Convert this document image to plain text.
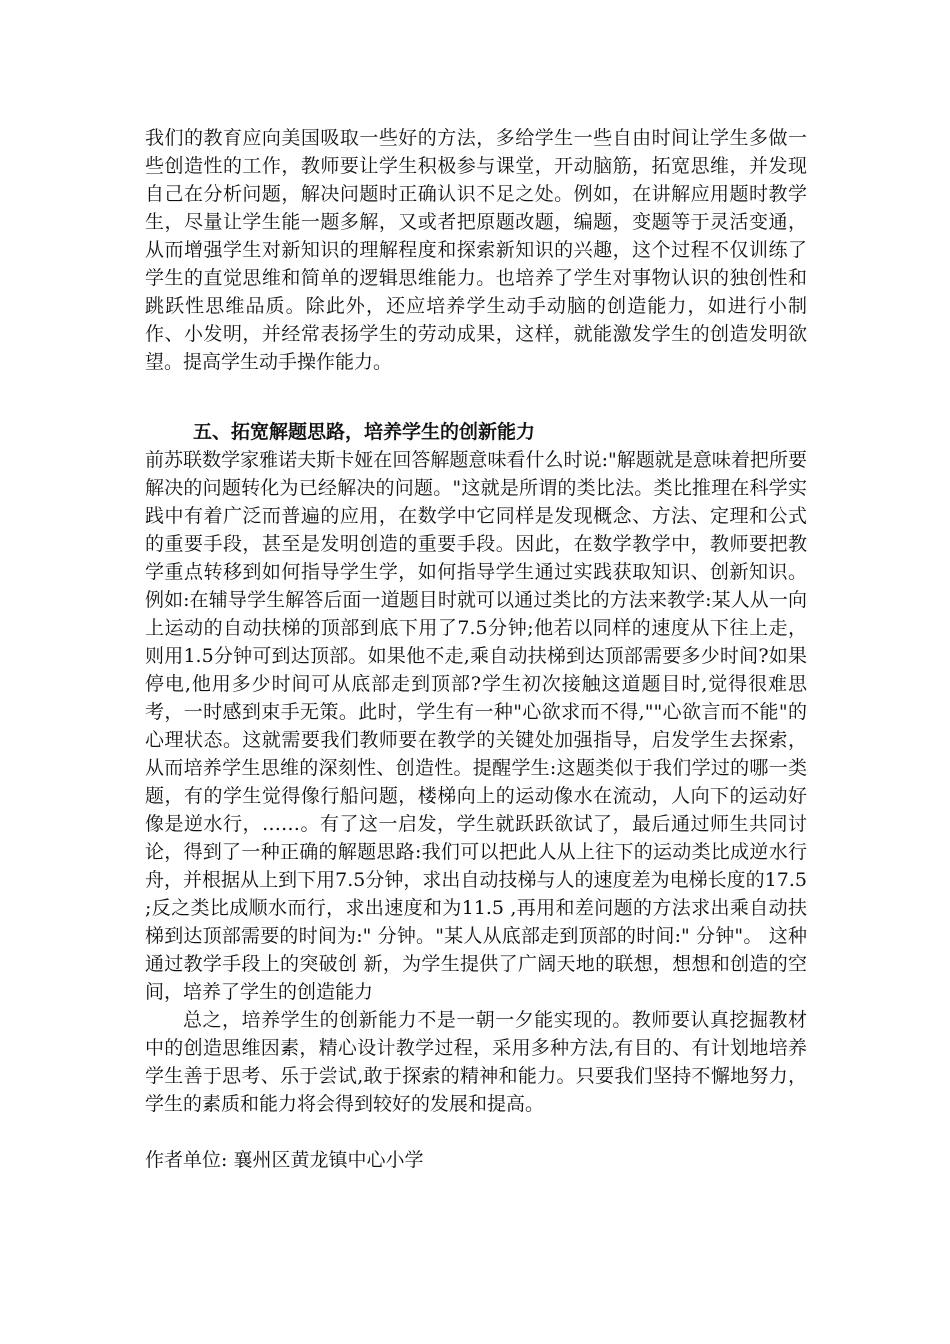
我们的教育应向美国吸取一些好的方法，多给学生一些自由时间让学生多做一些创造性的工作，教师要让学生积极参与课堂，开动脑筋，拓宽思维，并发现自己在分析问题，解决问题时正确认识不足之处。例如，在讲解应用题时教学生，尽量让学生能一题多解，又或者把原题改题，编题，变题等于灵活变通，从而增强学生对新知识的理解程度和探索新知识的兴趣，这个过程不仅训练了学生的直觉思维和简单的逻辑思维能力。也培养了学生对事物认识的独创性和跳跃性思维品质。除此外，还应培养学生动手动脑的创造能力，如进行小制作、小发明，并经常表扬学生的劳动成果，这样，就能激发学生的创造发明欲望。提高学生动手操作能力。

五、拓宽解题思路，培养学生的创新能力

前苏联数学家雅诺夫斯卡娅在回答解题意味看什么时说:"解题就是意味着把所要解决的问题转化为已经解决的问题。"这就是所谓的类比法。类比推理在科学实践中有着广泛而普遍的应用，在数学中它同样是发现概念、方法、定理和公式的重要手段，甚至是发明创造的重要手段。因此，在数学教学中，教师要把教学重点转移到如何指导学生学，如何指导学生通过实践获取知识、创新知识。例如:在辅导学生解答后面一道题目时就可以通过类比的方法来教学:某人从一向上运动的自动扶梯的顶部到底下用了7.5分钟;他若以同样的速度从下往上走，则用1.5分钟可到达顶部。如果他不走,乘自动扶梯到达顶部需要多少时间?如果停电,他用多少时间可从底部走到顶部?学生初次接触这道题目时,觉得很难思考，一时感到束手无策。此时，学生有一种"心欲求而不得,""心欲言而不能"的心理状态。这就需要我们教师要在教学的关键处加强指导，启发学生去探索，从而培养学生思维的深刻性、创造性。提醒学生:这题类似于我们学过的哪一类题，有的学生觉得像行船问题，楼梯向上的运动像水在流动，人向下的运动好像是逆水行，……。有了这一启发，学生就跃跃欲试了，最后通过师生共同讨论，得到了一种正确的解题思路:我们可以把此人从上往下的运动类比成逆水行舟，并根据从上到下用7.5分钟，求出自动技梯与人的速度差为电梯长度的17.5 ;反之类比成顺水而行，求出速度和为11.5 ,再用和差问题的方法求出乘自动扶梯到达顶部需要的时间为:" 分钟。"某人从底部走到顶部的时间:" 分钟"。 这种通过教学手段上的突破创 新，为学生提供了广阔天地的联想，想想和创造的空间，培养了学生的创造能力

总之，培养学生的创新能力不是一朝一夕能实现的。教师要认真挖掘教材中的创造思维因素，精心设计教学过程，采用多种方法,有目的、有计划地培养学生善于思考、乐于尝试,敢于探索的精神和能力。只要我们坚持不懈地努力，学生的素质和能力将会得到较好的发展和提高。

作者单位: 襄州区黄龙镇中心小学
